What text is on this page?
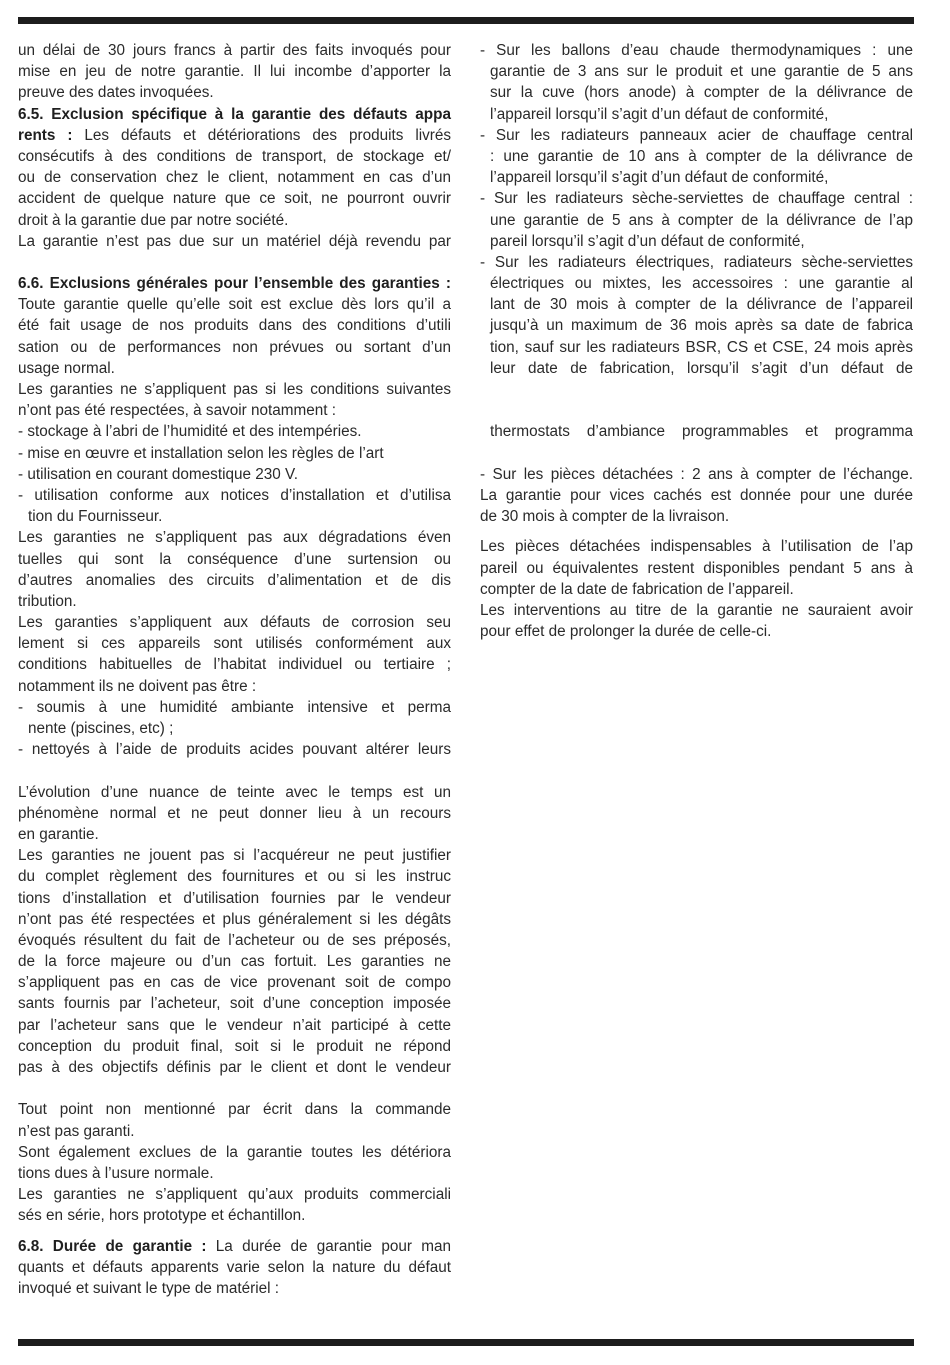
un délai de 30 jours francs à partir des faits invoqués pour
mise en jeu de notre garantie. Il lui incombe d’apporter la
preuve des dates invoquées.
6.5. Exclusion spécifique à la garantie des défauts appa
rents : Les défauts et détériorations des produits livrés
consécutifs à des conditions de transport, de stockage et/
ou de conservation chez le client, notamment en cas d’un
accident de quelque nature que ce soit, ne pourront ouvrir
droit à la garantie due par notre société.
La garantie n’est pas due sur un matériel déjà revendu par
6.6. Exclusions générales pour l’ensemble des garanties :
Toute garantie quelle qu’elle soit est exclue dès lors qu’il a
été fait usage de nos produits dans des conditions d’utili
sation ou de performances non prévues ou sortant d’un
usage normal.
Les garanties ne s’appliquent pas si les conditions suivantes
n’ont pas été respectées, à savoir notamment :
- stockage à l’abri de l’humidité et des intempéries.
- mise en œuvre et installation selon les règles de l’art
- utilisation en courant domestique 230 V.
- utilisation conforme aux notices d’installation et d’utilisa
tion du Fournisseur.
Les garanties ne s’appliquent pas aux dégradations éven
tuelles qui sont la conséquence d’une surtension ou
d’autres anomalies des circuits d’alimentation et de dis
tribution.
Les garanties s’appliquent aux défauts de corrosion seu
lement si ces appareils sont utilisés conformément aux
conditions habituelles de l’habitat individuel ou tertiaire ;
notamment ils ne doivent pas être :
- soumis à une humidité ambiante intensive et perma
nente (piscines, etc) ;
- nettoyés à l’aide de produits acides pouvant altérer leurs
L’évolution d’une nuance de teinte avec le temps est un
phénomène normal et ne peut donner lieu à un recours
en garantie.
Les garanties ne jouent pas si l’acquéreur ne peut justifier
du complet règlement des fournitures et ou si les instruc
tions d’installation et d’utilisation fournies par le vendeur
n’ont pas été respectées et plus généralement si les dégâts
évoqués résultent du fait de l’acheteur ou de ses préposés,
de la force majeure ou d’un cas fortuit. Les garanties ne
s’appliquent pas en cas de vice provenant soit de compo
sants fournis par l’acheteur, soit d’une conception imposée
par l’acheteur sans que le vendeur n’ait participé à cette
conception du produit final, soit si le produit ne répond
pas à des objectifs définis par le client et dont le vendeur
Tout point non mentionné par écrit dans la commande
n’est pas garanti.
Sont également exclues de la garantie toutes les détériora
tions dues à l’usure normale.
Les garanties ne s’appliquent qu’aux produits commerciali
sés en série, hors prototype et échantillon.
6.8. Durée de garantie : La durée de garantie pour man
quants et défauts apparents varie selon la nature du défaut
invoqué et suivant le type de matériel :
- Sur les ballons d’eau chaude thermodynamiques : une
garantie de 3 ans sur le produit et une garantie de 5 ans
sur la cuve (hors anode) à compter de la délivrance de
l’appareil lorsqu’il s’agit d’un défaut de conformité,
- Sur les radiateurs panneaux acier de chauffage central
: une garantie de 10 ans à compter de la délivrance de
l’appareil lorsqu’il s’agit d’un défaut de conformité,
- Sur les radiateurs sèche-serviettes de chauffage central :
une garantie de 5 ans à compter de la délivrance de l’ap
pareil lorsqu’il s’agit d’un défaut de conformité,
- Sur les radiateurs électriques, radiateurs sèche-serviettes
électriques ou mixtes, les accessoires : une garantie al
lant de 30 mois à compter de la délivrance de l’appareil
jusqu’à un maximum de 36 mois après sa date de fabrica
tion, sauf sur les radiateurs BSR, CS et CSE, 24 mois après
leur date de fabrication, lorsqu’il s’agit d’un défaut de
thermostats d’ambiance programmables et programma
- Sur les pièces détachées : 2 ans à compter de l’échange.
La garantie pour vices cachés est donnée pour une durée
de 30 mois à compter de la livraison.
Les pièces détachées indispensables à l’utilisation de l’ap
pareil ou équivalentes restent disponibles pendant 5 ans à
compter de la date de fabrication de l’appareil.
Les interventions au titre de la garantie ne sauraient avoir
pour effet de prolonger la durée de celle-ci.
